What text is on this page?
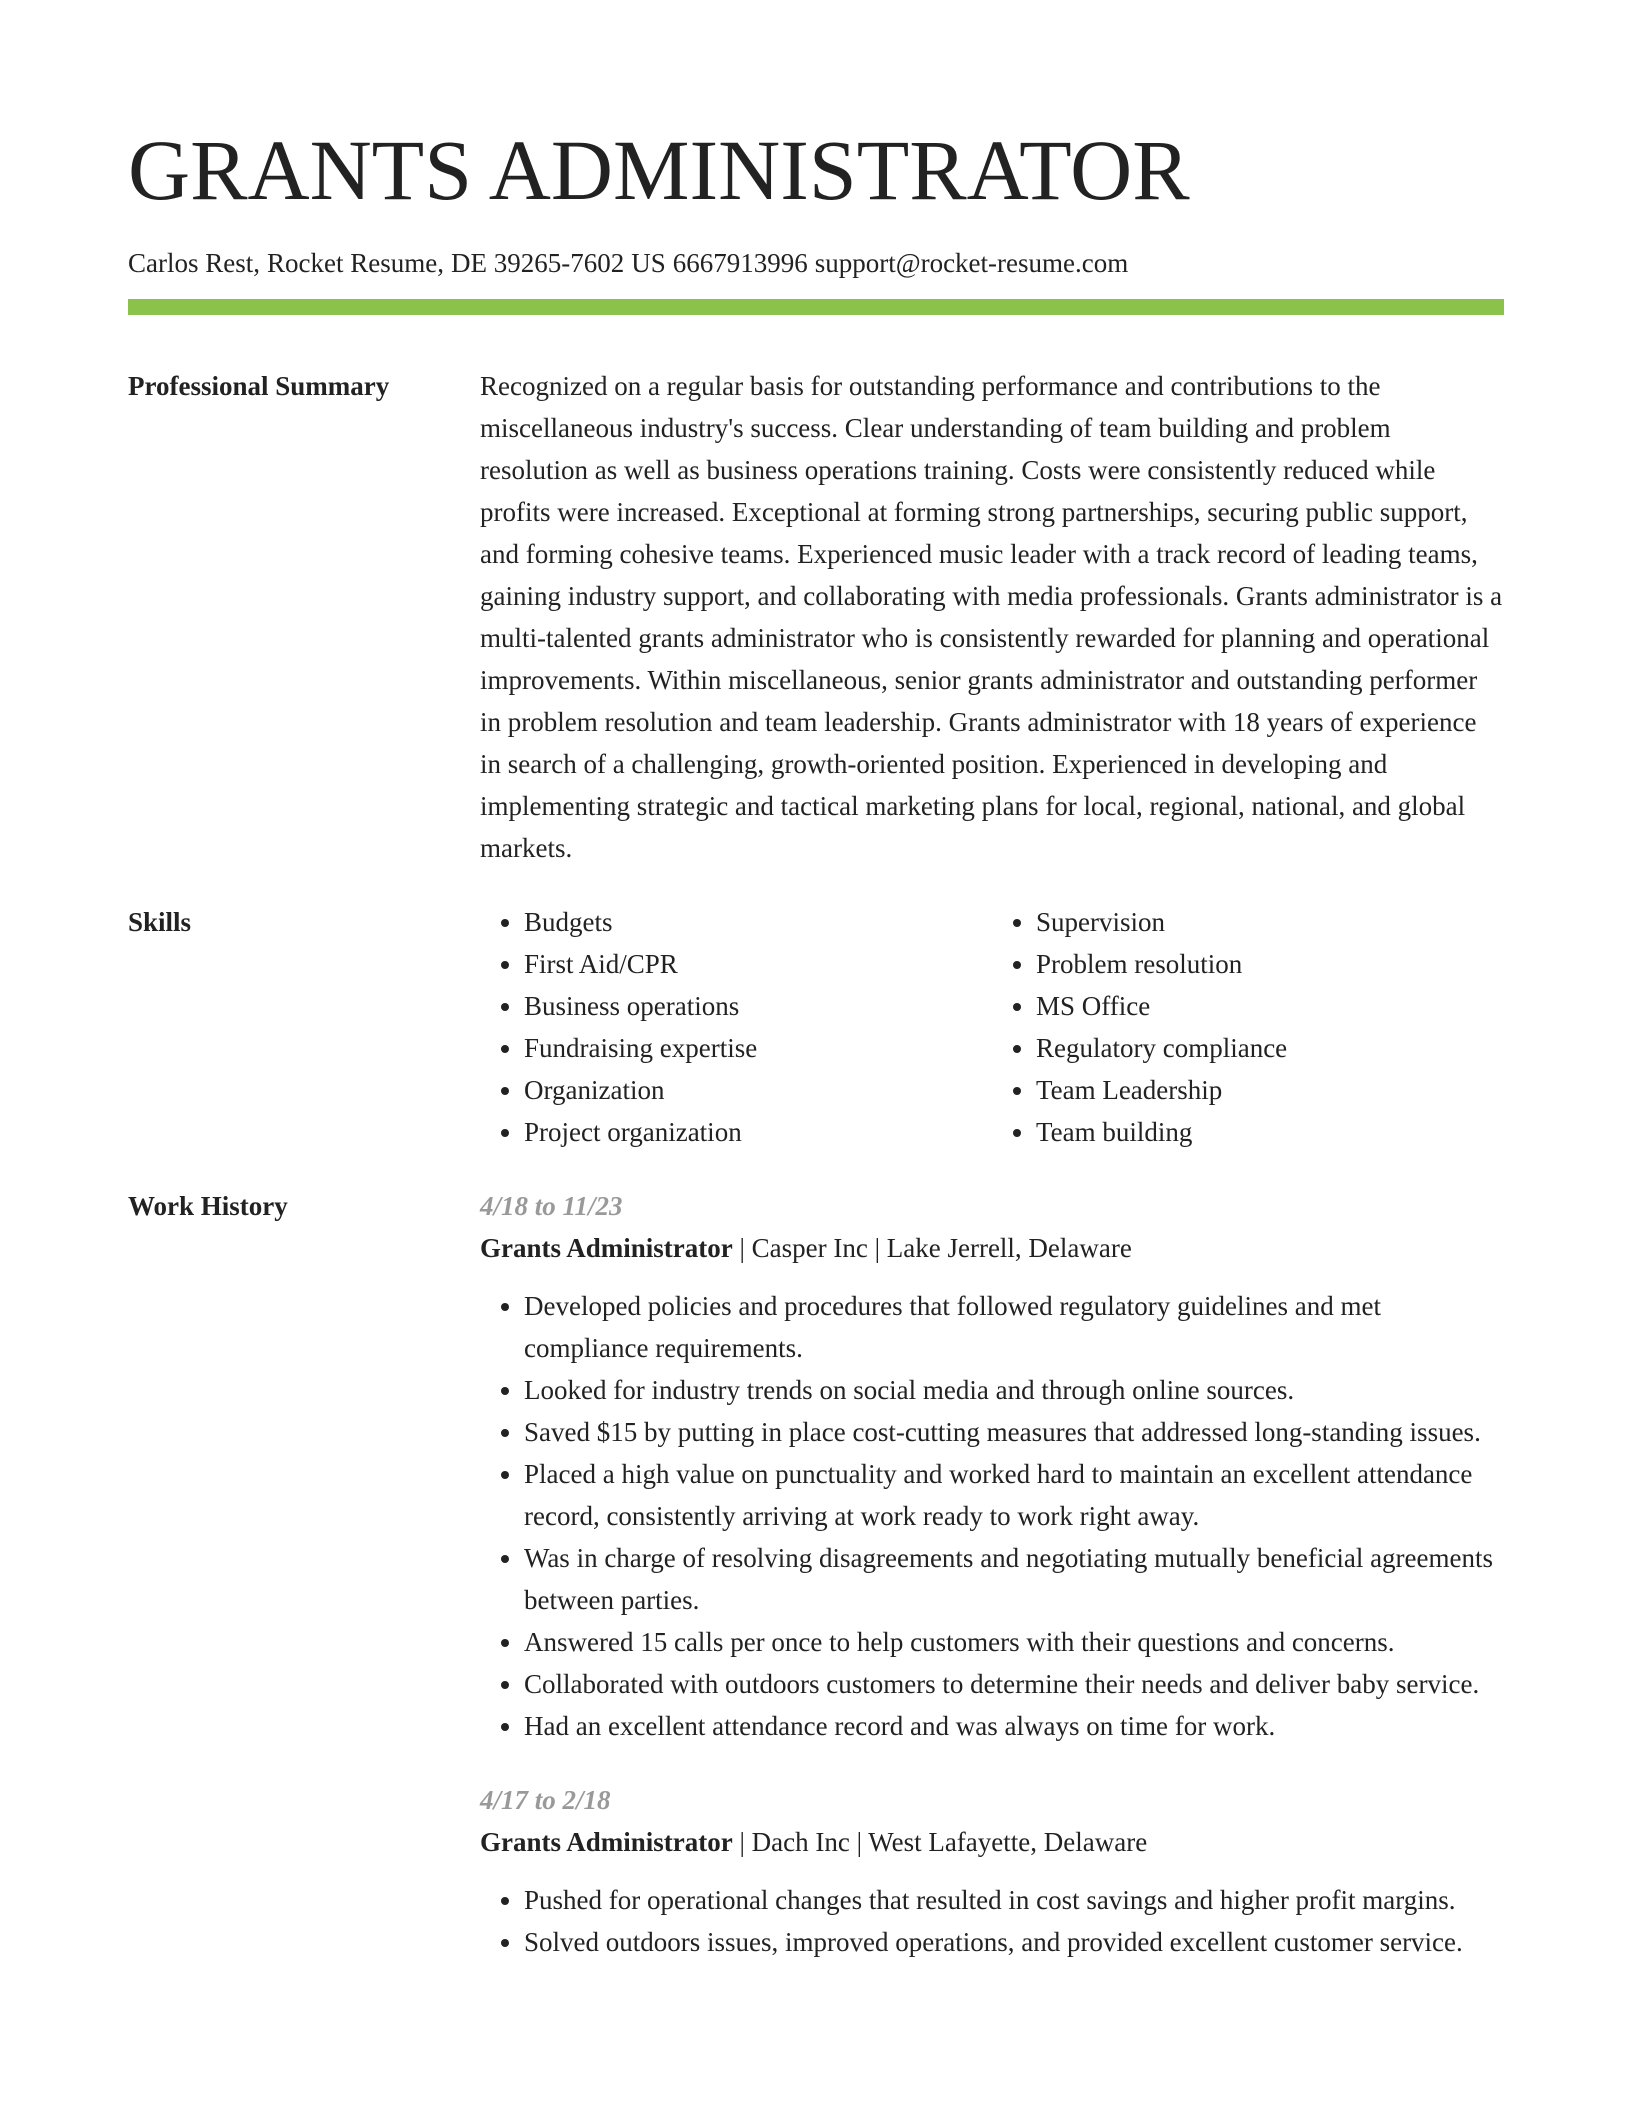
GRANTS ADMINISTRATOR
Carlos Rest, Rocket Resume, DE 39265-7602 US 6667913996 support@rocket-resume.com
Professional Summary	Recognized on a regular basis for outstanding performance and contributions to the miscellaneous industry's success. Clear understanding of team building and problem resolution as well as business operations training. Costs were consistently reduced while profits were increased. Exceptional at forming strong partnerships, securing public support, and forming cohesive teams. Experienced music leader with a track record of leading teams, gaining industry support, and collaborating with media professionals. Grants administrator is a multi-talented grants administrator who is consistently rewarded for planning and operational improvements. Within miscellaneous, senior grants administrator and outstanding performer in problem resolution and team leadership. Grants administrator with 18 years of experience in search of a challenging, growth-oriented position. Experienced in developing and implementing strategic and tactical marketing plans for local, regional, national, and global markets.

Skills
•	Budgets
• First Aid/CPR
• Business operations
• Fundraising expertise
• Organization
• Project organization
• Supervision
• Problem resolution
• MS Office
• Regulatory compliance
• Team Leadership
• Team building
Work History	4/18 to 11/23
Grants Administrator | Casper Inc | Lake Jerrell, Delaware
• Developed policies and procedures that followed regulatory guidelines and met compliance requirements.
• Looked for industry trends on social media and through online sources.
• Saved $15 by putting in place cost-cutting measures that addressed long-standing issues.
• Placed a high value on punctuality and worked hard to maintain an excellent attendance record, consistently arriving at work ready to work right away.
• Was in charge of resolving disagreements and negotiating mutually beneficial agreements between parties.
• Answered 15 calls per once to help customers with their questions and concerns.
• Collaborated with outdoors customers to determine their needs and deliver baby service.
• Had an excellent attendance record and was always on time for work.
4/17 to 2/18
Grants Administrator | Dach Inc | West Lafayette, Delaware
• Pushed for operational changes that resulted in cost savings and higher profit margins.
• Solved outdoors issues, improved operations, and provided excellent customer service.
